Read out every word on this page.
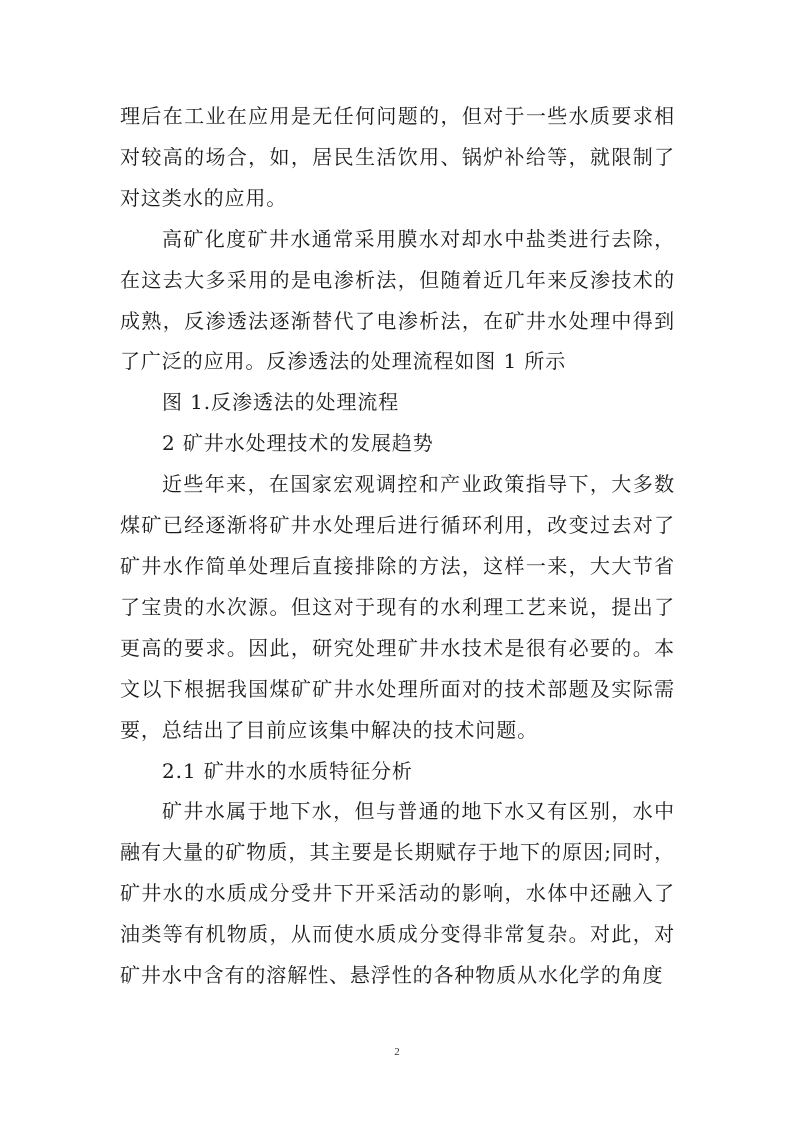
理后在工业在应用是无任何问题的，但对于一些水质要求相对较高的场合，如，居民生活饮用、锅炉补给等，就限制了对这类水的应用。

高矿化度矿井水通常采用膜水对却水中盐类进行去除，在这去大多采用的是电渗析法，但随着近几年来反渗技术的成熟，反渗透法逐渐替代了电渗析法，在矿井水处理中得到了广泛的应用。反渗透法的处理流程如图 1 所示

图 1.反渗透法的处理流程

2 矿井水处理技术的发展趋势

近些年来，在国家宏观调控和产业政策指导下，大多数煤矿已经逐渐将矿井水处理后进行循环利用，改变过去对了矿井水作简单处理后直接排除的方法，这样一来，大大节省了宝贵的水次源。但这对于现有的水利理工艺来说，提出了更高的要求。因此，研究处理矿井水技术是很有必要的。本文以下根据我国煤矿矿井水处理所面对的技术部题及实际需要，总结出了目前应该集中解决的技术问题。

2.1 矿井水的水质特征分析

矿井水属于地下水，但与普通的地下水又有区别，水中融有大量的矿物质，其主要是长期赋存于地下的原因;同时，矿井水的水质成分受井下开采活动的影响，水体中还融入了油类等有机物质，从而使水质成分变得非常复杂。对此，对矿井水中含有的溶解性、悬浮性的各种物质从水化学的角度

2
